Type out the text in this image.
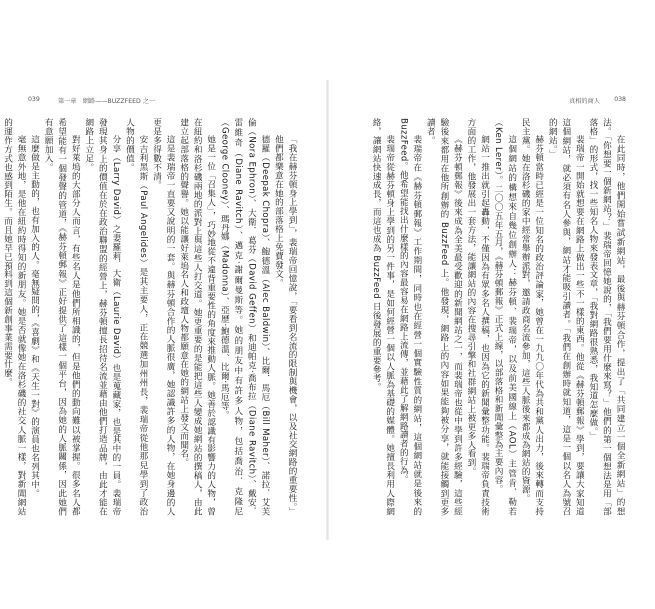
039	第一章　網路——BUZZFEED 之一

「我在赫芬頓身上學到」，裴瑞帝回憶說，「要看到名流的限制與機會，以及社交網路的重要性。」

他們都樂意在她的部落格上免費發文。

德羅（Deepak Chopra）、鮑德溫（Alec Baldwin）、比爾．馬厄（Bill Maher）、諾拉．艾芙倫（Nora Ephron）、大衛．葛芬（David Geffen）和迪帕克·喬布拉（Diane Ravitch）、戴安．雷維奇（Diane Ravitch）、邁克·謝爾曼斯等。她的朋友中有許多人物，包括喬治．克隆尼（George Clooney）、瑪丹娜（Madonna）、亞歷·鮑德溫、比爾·馬厄等。

她是一位「召集人」，巧妙地從不違背重要性的角度來推動人脈。她善於認識有影響力的人物，曾在紐約和洛杉磯兩地的派對上與這些人打交道。她更重要的是能把這些人變成她網站的撰稿人，由此建立起部落格的聲譽。她以能讓好萊塢名人和政壇人物都願意在她的網站上發文而聞名。

這是裴瑞帝一直要又說明的一套。與赫芬頓合作的人脈很廣，她認識許多的人物，在她身邊的人更是多得數不清。

安吉利黑斯（Paul Angelides）是其主要人，正在競選加州州長，裴瑞帝從他那兒學到了政治人物的價值。

分享（Larry David）之妻羅莉．大衛（Laurie David）也是蒐藏家，也是其中的一員。裴瑞帝發現其身上的價值在於在政治聯盟的經營上，赫芬頓擅長招待名流並藉由他們打造品牌，由此才能在網路上立足。

對好萊塢的大部分人而言，有些名人是他們所相識的，但是他們的動向難以被掌握。很多名人都希望能有一個發聲的管道，《赫芬頓郵報》正好提供了這樣一個平台，因為她的人脈關係，因此她們有意願加入。

這麼做是主動的，也有加入的人。毫無疑問的，《喜劇》和《天生一對》的演員也名列其中。

毫無意外地，是他在紐約時得知的新朋友。她是否就像她在洛杉磯的社交人脈一樣，對新聞網站的運作方式也感到陌生。而且她早已預料到這個新創事業需要什麼。

真相的商人 038

在此同時，他們開始嘗試新網站，最後與赫芬頓合作，提出了「共同建立一個全新網站」的想法。「你想要一個新網站？」裴瑞帝回憶她說的，「我們要用什麼來寫？」他們的第一個想法是用「部落格」的形式，找一些知名人物來發表文章，「我對網路很熟悉，我知道怎麼做。」

裴瑞帝一開始就想要在網路上做出一些不一樣的東西。他從《赫芬頓郵報》學到，要讓大家知道這個網站，就必須有名人參與，網站才能吸引讀者。「我們在創辦時就知道，這是一個以名人為號召的網站。」

赫芬頓當時已經是一位知名的政治評論家，她曾在一九九〇年代為共和黨人出力，後來轉而支持民主黨。她在洛杉磯的家中經常舉辦派對，邀請政商名流參加，這些人脈後來都成為網站的資源。

這個網站的構想來自幾位創辦人：赫芬頓、裴瑞帝，以及前美國線上（AOL）主管肯．勒若（Ken Lerer）。二〇〇五年五月，《赫芬頓郵報》正式上線，以部落格和新聞彙整為主要內容。

網站一推出就引起轟動，不僅因為有眾多名人撰稿，也因為它的新聞彙整功能。裴瑞帝負責技術方面的工作，他發展出一套方法，能讓網站的內容在搜尋引擎和社群網站上被更多人看到。

《赫芬頓郵報》後來成為全美最受歡迎的新聞網站之一，而裴瑞帝也從中學到許多經驗，這些經驗後來都用在他所創辦的 BuzzFeed 上。他發現，網路上的內容如果能夠被分享，就能接觸到更多讀者。

裴瑞帝在《赫芬頓郵報》工作期間，同時也在經營一個實驗性質的網站，這個網站就是後來的 BuzzFeed。他希望能找出什麼樣的內容最容易在網路上流傳，並藉此了解網路讀者的行為。

裴瑞帝從赫芬頓身上學到的另一件事，是如何經營一個以人脈為基礎的媒體。她擅長利用人際網絡，讓網站快速成長，而這也成為 BuzzFeed 日後發展的重要參考。
